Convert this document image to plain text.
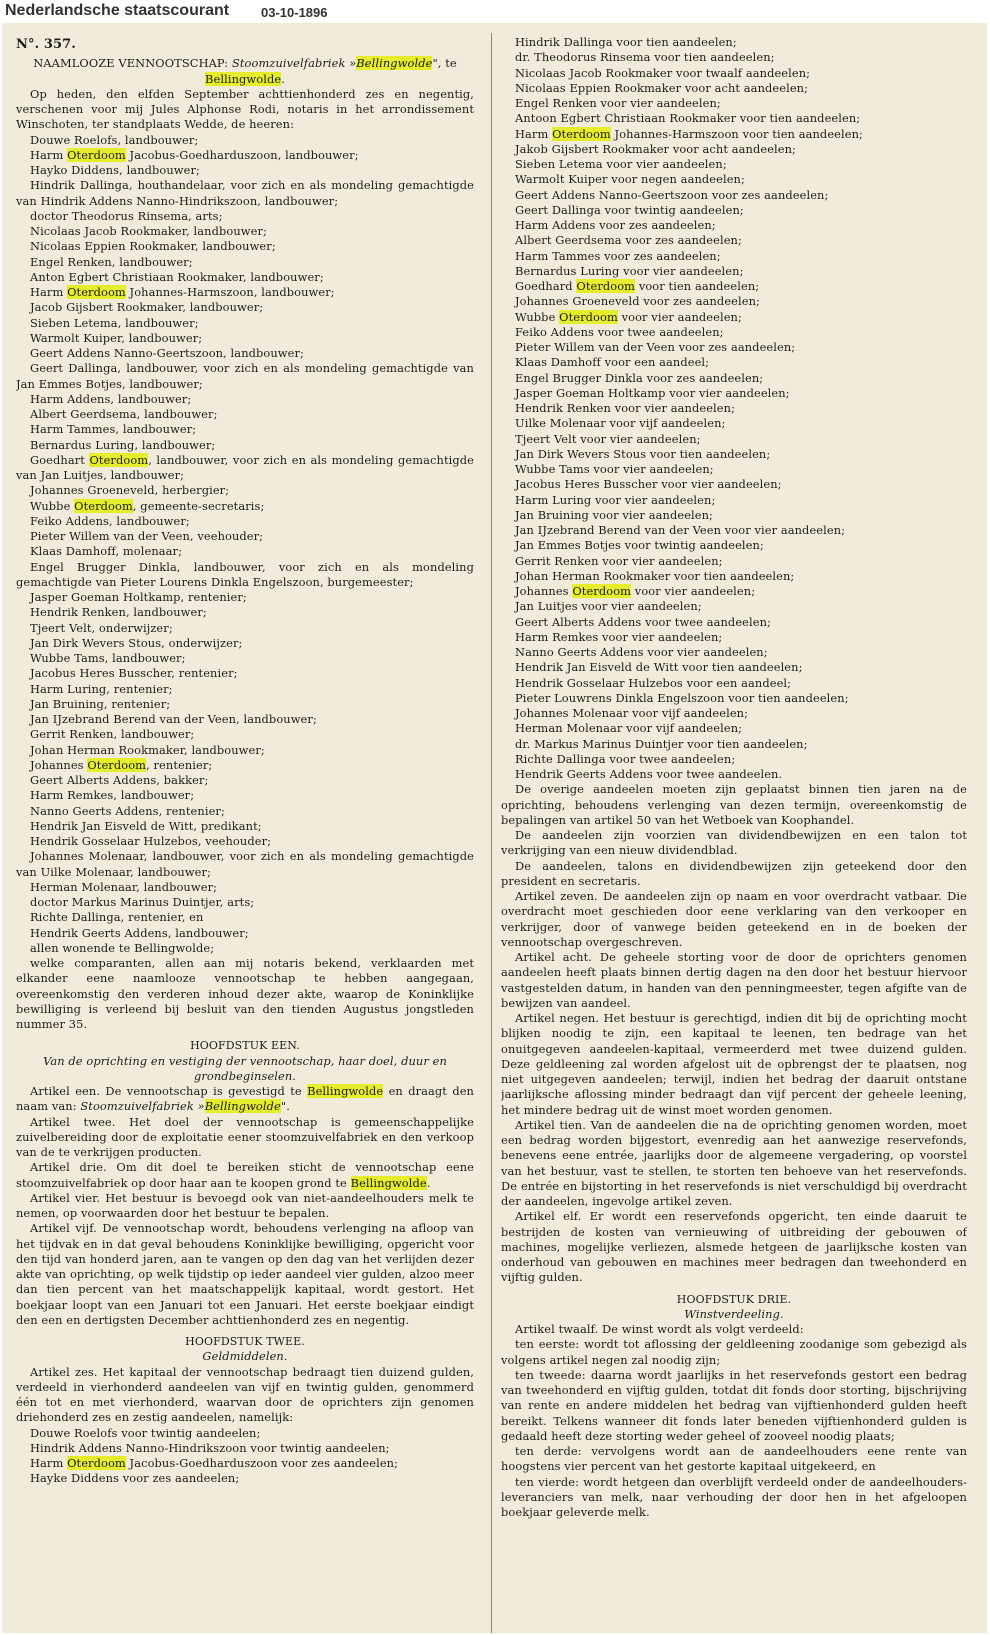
Nederlandsche staatscourant 03-10-1896
N°. 357.
NAAMLOOZE VENNOOTSCHAP: Stoomzuivelfabriek »Bellingwolde", te Bellingwolde.
Op heden, den elfden September achttienhonderd zes en negentig, verschenen voor mij Jules Alphonse Rodi, notaris in het arrondissement Winschoten, ter standplaats Wedde, de heeren:
Douwe Roelofs, landbouwer;
Harm Oterdoom Jacobus-Goedharduszoon, landbouwer;
Hayko Diddens, landbouwer;
Hindrik Dallinga, houthandelaar, voor zich en als mondeling gemachtigde van Hindrik Addens Nanno-Hindrikszoon, landbouwer;
doctor Theodorus Rinsema, arts;
Nicolaas Jacob Rookmaker, landbouwer;
Nicolaas Eppien Rookmaker, landbouwer;
Engel Renken, landbouwer;
Anton Egbert Christiaan Rookmaker, landbouwer;
Harm Oterdoom Johannes-Harmszoon, landbouwer;
Jacob Gijsbert Rookmaker, landbouwer;
Sieben Letema, landbouwer;
Warmolt Kuiper, landbouwer;
Geert Addens Nanno-Geertszoon, landbouwer;
Geert Dallinga, landbouwer, voor zich en als mondeling gemachtigde van Jan Emmes Botjes, landbouwer;
Harm Addens, landbouwer;
Albert Geerdsema, landbouwer;
Harm Tammes, landbouwer;
Bernardus Luring, landbouwer;
Goedhart Oterdoom, landbouwer, voor zich en als mondeling gemachtigde van Jan Luitjes, landbouwer;
Johannes Groeneveld, herbergier;
Wubbe Oterdoom, gemeente-secretaris;
Feiko Addens, landbouwer;
Pieter Willem van der Veen, veehouder;
Klaas Damhoff, molenaar;
Engel Brugger Dinkla, landbouwer, voor zich en als mondeling gemachtigde van Pieter Lourens Dinkla Engelszoon, burgemeester;
Jasper Goeman Holtkamp, rentenier;
Hendrik Renken, landbouwer;
Tjeert Velt, onderwijzer;
Jan Dirk Wevers Stous, onderwijzer;
Wubbe Tams, landbouwer;
Jacobus Heres Busscher, rentenier;
Harm Luring, rentenier;
Jan Bruining, rentenier;
Jan IJzebrand Berend van der Veen, landbouwer;
Gerrit Renken, landbouwer;
Johan Herman Rookmaker, landbouwer;
Johannes Oterdoom, rentenier;
Geert Alberts Addens, bakker;
Harm Remkes, landbouwer;
Nanno Geerts Addens, rentenier;
Hendrik Jan Eisveld de Witt, predikant;
Hendrik Gosselaar Hulzebos, veehouder;
Johannes Molenaar, landbouwer, voor zich en als mondeling gemachtigde van Uilke Molenaar, landbouwer;
Herman Molenaar, landbouwer;
doctor Markus Marinus Duintjer, arts;
Richte Dallinga, rentenier, en
Hendrik Geerts Addens, landbouwer;
allen wonende te Bellingwolde;
welke comparanten, allen aan mij notaris bekend, verklaarden met elkander eene naamlooze vennootschap te hebben aangegaan, overeenkomstig den verderen inhoud dezer akte, waarop de Koninklijke bewilliging is verleend bij besluit van den tienden Augustus jongstleden nummer 35.
HOOFDSTUK EEN.
Van de oprichting en vestiging der vennootschap, haar doel, duur en grondbeginselen.
Artikel een. De vennootschap is gevestigd te Bellingwolde en draagt den naam van: Stoomzuivelfabriek »Bellingwolde".
Artikel twee. Het doel der vennootschap is gemeenschappelijke zuivelbereiding door de exploitatie eener stoomzuivelfabriek en den verkoop van de te verkrijgen producten.
Artikel drie. Om dit doel te bereiken sticht de vennootschap eene stoomzuivelfabriek op door haar aan te koopen grond te Bellingwolde.
Artikel vier. Het bestuur is bevoegd ook van niet-aandeelhouders melk te nemen, op voorwaarden door het bestuur te bepalen.
Artikel vijf. De vennootschap wordt, behoudens verlenging na afloop van het tijdvak en in dat geval behoudens Koninklijke bewilliging, opgericht voor den tijd van honderd jaren, aan te vangen op den dag van het verlijden dezer akte van oprichting, op welk tijdstip op ieder aandeel vier gulden, alzoo meer dan tien percent van het maatschappelijk kapitaal, wordt gestort. Het boekjaar loopt van een Januari tot een Januari. Het eerste boekjaar eindigt den een en dertigsten December achttienhonderd zes en negentig.
HOOFDSTUK TWEE.
Geldmiddelen.
Artikel zes. Het kapitaal der vennootschap bedraagt tien duizend gulden, verdeeld in vierhonderd aandeelen van vijf en twintig gulden, genommerd één tot en met vierhonderd, waarvan door de oprichters zijn genomen driehonderd zes en zestig aandeelen, namelijk:
Douwe Roelofs voor twintig aandeelen;
Hindrik Addens Nanno-Hindrikszoon voor twintig aandeelen;
Harm Oterdoom Jacobus-Goedharduszoon voor zes aandeelen;
Hayke Diddens voor zes aandeelen;
Hindrik Dallinga voor tien aandeelen;
dr. Theodorus Rinsema voor tien aandeelen;
Nicolaas Jacob Rookmaker voor twaalf aandeelen;
Nicolaas Eppien Rookmaker voor acht aandeelen;
Engel Renken voor vier aandeelen;
Antoon Egbert Christiaan Rookmaker voor tien aandeelen;
Harm Oterdoom Johannes-Harmszoon voor tien aandeelen;
Jakob Gijsbert Rookmaker voor acht aandeelen;
Sieben Letema voor vier aandeelen;
Warmolt Kuiper voor negen aandeelen;
Geert Addens Nanno-Geertszoon voor zes aandeelen;
Geert Dallinga voor twintig aandeelen;
Harm Addens voor zes aandeelen;
Albert Geerdsema voor zes aandeelen;
Harm Tammes voor zes aandeelen;
Bernardus Luring voor vier aandeelen;
Goedhard Oterdoom voor tien aandeelen;
Johannes Groeneveld voor zes aandeelen;
Wubbe Oterdoom voor vier aandeelen;
Feiko Addens voor twee aandeelen;
Pieter Willem van der Veen voor zes aandeelen;
Klaas Damhoff voor een aandeel;
Engel Brugger Dinkla voor zes aandeelen;
Jasper Goeman Holtkamp voor vier aandeelen;
Hendrik Renken voor vier aandeelen;
Uilke Molenaar voor vijf aandeelen;
Tjeert Velt voor vier aandeelen;
Jan Dirk Wevers Stous voor tien aandeelen;
Wubbe Tams voor vier aandeelen;
Jacobus Heres Busscher voor vier aandeelen;
Harm Luring voor vier aandeelen;
Jan Bruining voor vier aandeelen;
Jan IJzebrand Berend van der Veen voor vier aandeelen;
Jan Emmes Botjes voor twintig aandeelen;
Gerrit Renken voor vier aandeelen;
Johan Herman Rookmaker voor tien aandeelen;
Johannes Oterdoom voor vier aandeelen;
Jan Luitjes voor vier aandeelen;
Geert Alberts Addens voor twee aandeelen;
Harm Remkes voor vier aandeelen;
Nanno Geerts Addens voor vier aandeelen;
Hendrik Jan Eisveld de Witt voor tien aandeelen;
Hendrik Gosselaar Hulzebos voor een aandeel;
Pieter Louwrens Dinkla Engelszoon voor tien aandeelen;
Johannes Molenaar voor vijf aandeelen;
Herman Molenaar voor vijf aandeelen;
dr. Markus Marinus Duintjer voor tien aandeelen;
Richte Dallinga voor twee aandeelen;
Hendrik Geerts Addens voor twee aandeelen.
De overige aandeelen moeten zijn geplaatst binnen tien jaren na de oprichting, behoudens verlenging van dezen termijn, overeenkomstig de bepalingen van artikel 50 van het Wetboek van Koophandel.
De aandeelen zijn voorzien van dividendbewijzen en een talon tot verkrijging van een nieuw dividendblad.
De aandeelen, talons en dividendbewijzen zijn geteekend door den president en secretaris.
Artikel zeven. De aandeelen zijn op naam en voor overdracht vatbaar. Die overdracht moet geschieden door eene verklaring van den verkooper en verkrijger, door of vanwege beiden geteekend en in de boeken der vennootschap overgeschreven.
Artikel acht. De geheele storting voor de door de oprichters genomen aandeelen heeft plaats binnen dertig dagen na den door het bestuur hiervoor vastgestelden datum, in handen van den penningmeester, tegen afgifte van de bewijzen van aandeel.
Artikel negen. Het bestuur is gerechtigd, indien dit bij de oprichting mocht blijken noodig te zijn, een kapitaal te leenen, ten bedrage van het onuitgegeven aandeelen-kapitaal, vermeerderd met twee duizend gulden. Deze geldleening zal worden afgelost uit de opbrengst der te plaatsen, nog niet uitgegeven aandeelen; terwijl, indien het bedrag der daaruit ontstane jaarlijksche aflossing minder bedraagt dan vijf percent der geheele leening, het mindere bedrag uit de winst moet worden genomen.
Artikel tien. Van de aandeelen die na de oprichting genomen worden, moet een bedrag worden bijgestort, evenredig aan het aanwezige reservefonds, benevens eene entrée, jaarlijks door de algemeene vergadering, op voorstel van het bestuur, vast te stellen, te storten ten behoeve van het reservefonds. De entrée en bijstorting in het reservefonds is niet verschuldigd bij overdracht der aandeelen, ingevolge artikel zeven.
Artikel elf. Er wordt een reservefonds opgericht, ten einde daaruit te bestrijden de kosten van vernieuwing of uitbreiding der gebouwen of machines, mogelijke verliezen, alsmede hetgeen de jaarlijksche kosten van onderhoud van gebouwen en machines meer bedragen dan tweehonderd en vijftig gulden.
HOOFDSTUK DRIE.
Winstverdeeling.
Artikel twaalf. De winst wordt als volgt verdeeld:
ten eerste: wordt tot aflossing der geldleening zoodanige som gebezigd als volgens artikel negen zal noodig zijn;
ten tweede: daarna wordt jaarlijks in het reservefonds gestort een bedrag van tweehonderd en vijftig gulden, totdat dit fonds door storting, bijschrijving van rente en andere middelen het bedrag van vijftienhonderd gulden heeft bereikt. Telkens wanneer dit fonds later beneden vijftienhonderd gulden is gedaald heeft deze storting weder geheel of zooveel noodig plaats;
ten derde: vervolgens wordt aan de aandeelhouders eene rente van hoogstens vier percent van het gestorte kapitaal uitgekeerd, en
ten vierde: wordt hetgeen dan overblijft verdeeld onder de aandeelhouders-leveranciers van melk, naar verhouding der door hen in het afgeloopen boekjaar geleverde melk.
